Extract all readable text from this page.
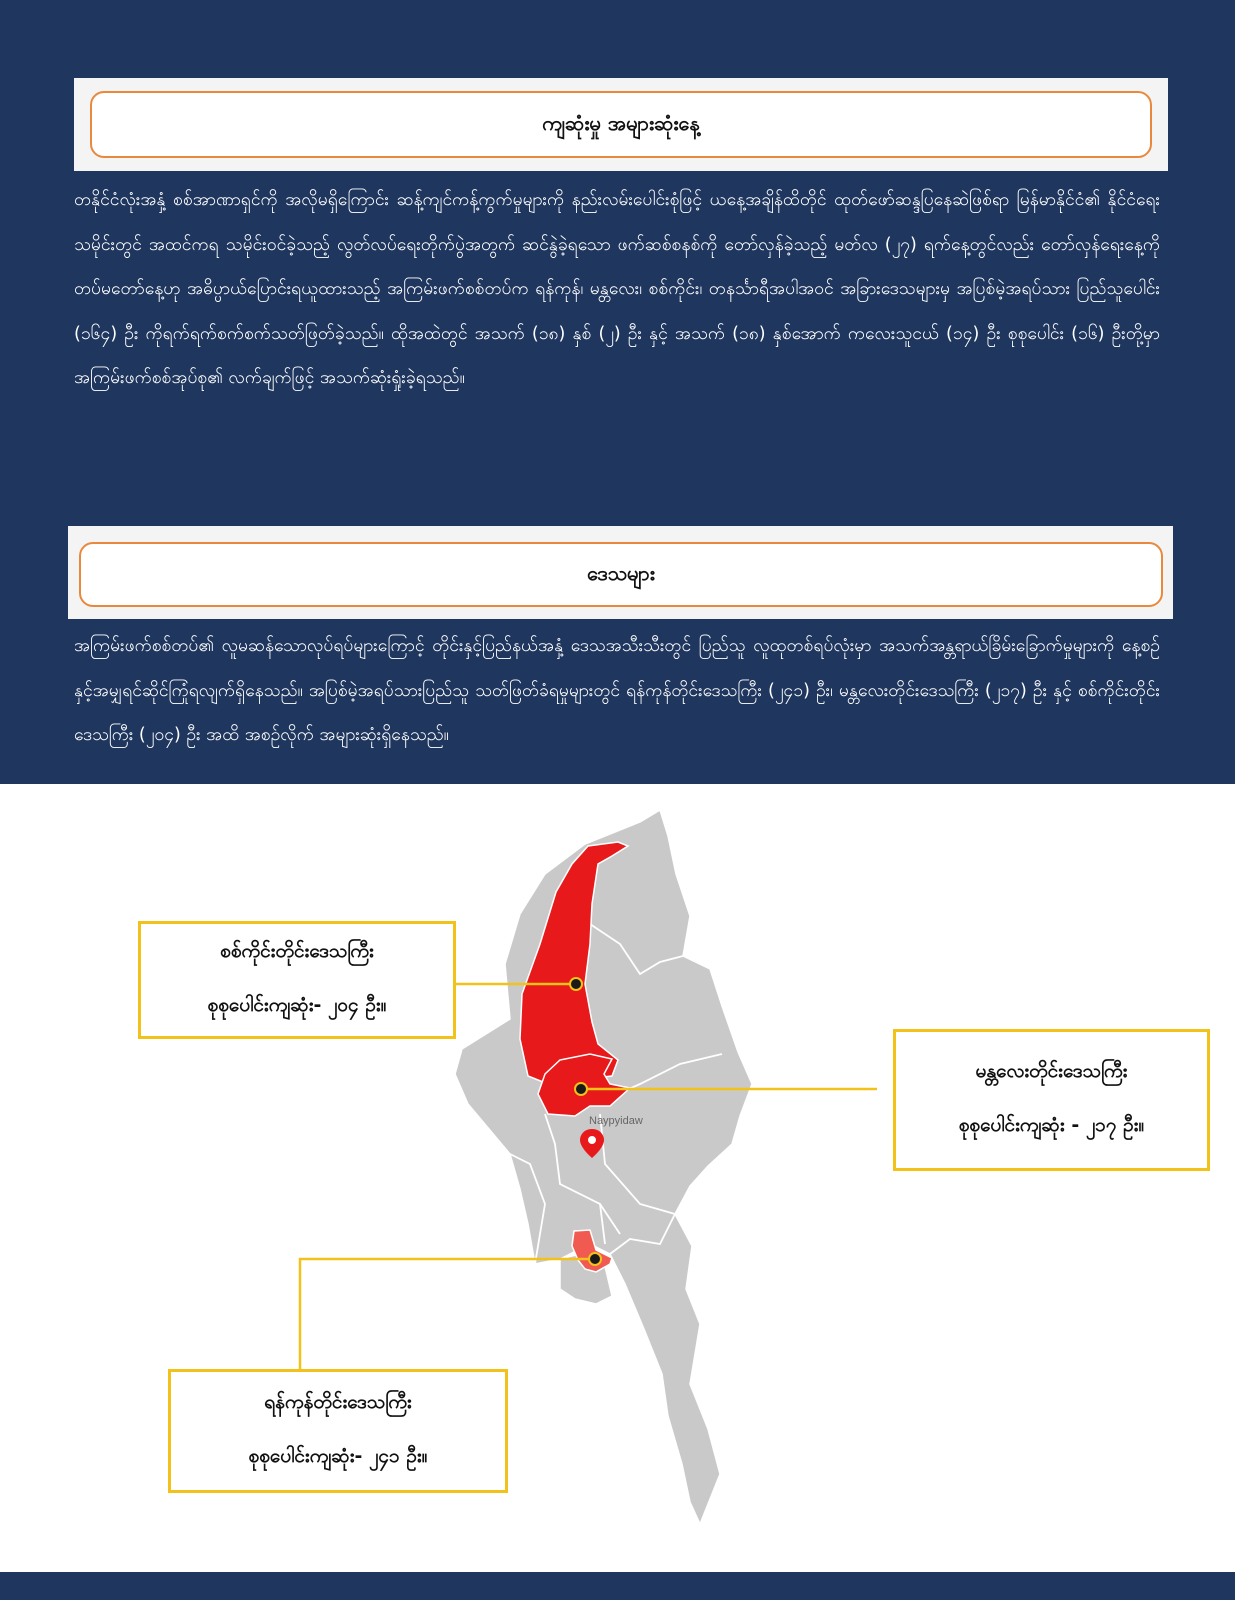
ကျဆုံးမှု အများဆုံးနေ့

တနိုင်ငံလုံးအနှံ့ စစ်အာဏာရှင်ကို အလိုမရှိကြောင်း ဆန့်ကျင်ကန့်ကွက်မှုများကို နည်းလမ်းပေါင်းစုံဖြင့် ယနေ့အချိန်ထိတိုင် ထုတ်ဖော်ဆန္ဒပြနေဆဲဖြစ်ရာ မြန်မာနိုင်ငံ၏ နိုင်ငံရေးသမိုင်းတွင် အထင်ကရ သမိုင်းဝင်ခဲ့သည့် လွတ်လပ်ရေးတိုက်ပွဲအတွက် ဆင်နွဲခဲ့ရသော ဖက်ဆစ်စနစ်ကို တော်လှန်ခဲ့သည့် မတ်လ (၂၇) ရက်နေ့တွင်လည်း တော်လှန်ရေးနေ့ကို တပ်မတော်နေ့ဟု အဓိပ္ပာယ်ပြောင်းရယူထားသည့် အကြမ်းဖက်စစ်တပ်က ရန်ကုန်၊ မန္တလေး၊ စစ်ကိုင်း၊ တနင်္သာရီအပါအဝင် အခြားဒေသများမှ အပြစ်မဲ့အရပ်သား ပြည်သူပေါင်း (၁၆၄) ဦး ကိုရက်ရက်စက်စက်သတ်ဖြတ်ခဲ့သည်။ ထိုအထဲတွင် အသက် (၁၈) နှစ် (၂) ဦး နှင့် အသက် (၁၈) နှစ်အောက် ကလေးသူငယ် (၁၄) ဦး စုစုပေါင်း (၁၆) ဦးတို့မှာ အကြမ်းဖက်စစ်အုပ်စု၏ လက်ချက်ဖြင့် အသက်ဆုံးရှုံးခဲ့ရသည်။

ဒေသများ

အကြမ်းဖက်စစ်တပ်၏ လူမဆန်သောလုပ်ရပ်များကြောင့် တိုင်းနှင့်ပြည်နယ်အနှံ့ ဒေသအသီးသီးတွင် ပြည်သူ လူထုတစ်ရပ်လုံးမှာ အသက်အန္တရာယ်ခြိမ်းခြောက်မှုများကို နေ့စဉ်နှင့်အမျှရင်ဆိုင်ကြုံရလျက်ရှိနေသည်။ အပြစ်မဲ့အရပ်သားပြည်သူ သတ်ဖြတ်ခံရမှုများတွင် ရန်ကုန်တိုင်းဒေသကြီး (၂၄၁) ဦး၊ မန္တလေးတိုင်းဒေသကြီး (၂၁၇) ဦး နှင့် စစ်ကိုင်းတိုင်းဒေသကြီး (၂၀၄) ဦး အထိ အစဉ်လိုက် အများဆုံးရှိနေသည်။

Naypyidaw
စစ်ကိုင်းတိုင်းဒေသကြီး
စုစုပေါင်းကျဆုံး- ၂၀၄ ဦး။
မန္တလေးတိုင်းဒေသကြီး
စုစုပေါင်းကျဆုံး - ၂၁၇ ဦး။
ရန်ကုန်တိုင်းဒေသကြီး
စုစုပေါင်းကျဆုံး- ၂၄၁ ဦး။
